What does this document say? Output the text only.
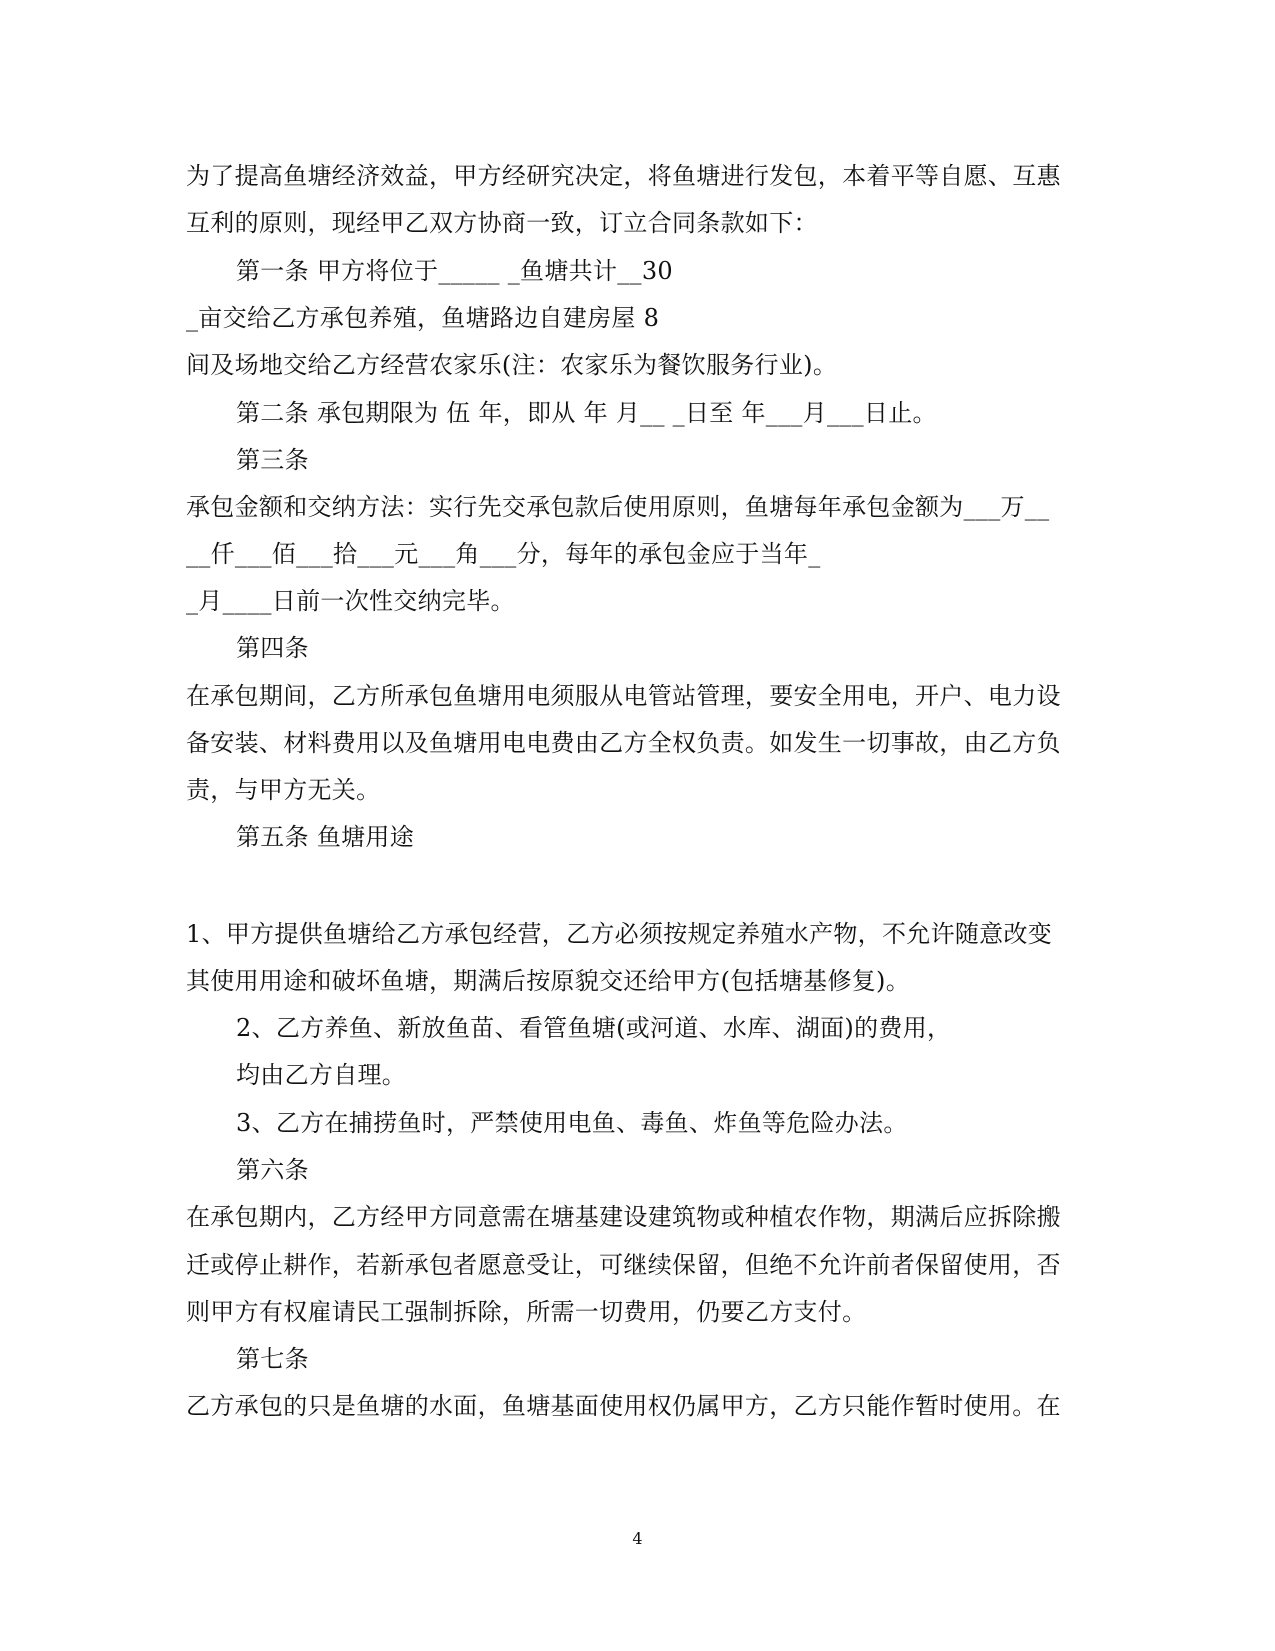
为了提高鱼塘经济效益，甲方经研究决定，将鱼塘进行发包，本着平等自愿、互惠
互利的原则，现经甲乙双方协商一致，订立合同条款如下：
第一条 甲方将位于_____ _鱼塘共计__30
_亩交给乙方承包养殖，鱼塘路边自建房屋 8
间及场地交给乙方经营农家乐(注：农家乐为餐饮服务行业)。
第二条 承包期限为 伍 年，即从 年 月__ _日至 年___月___日止。
第三条
承包金额和交纳方法：实行先交承包款后使用原则，鱼塘每年承包金额为___万__
__仟___佰___拾___元___角___分，每年的承包金应于当年_
_月____日前一次性交纳完毕。
第四条
在承包期间，乙方所承包鱼塘用电须服从电管站管理，要安全用电，开户、电力设
备安装、材料费用以及鱼塘用电电费由乙方全权负责。如发生一切事故，由乙方负
责，与甲方无关。
第五条 鱼塘用途
1、甲方提供鱼塘给乙方承包经营，乙方必须按规定养殖水产物，不允许随意改变
其使用用途和破坏鱼塘，期满后按原貌交还给甲方(包括塘基修复)。
2、乙方养鱼、新放鱼苗、看管鱼塘(或河道、水库、湖面)的费用，
均由乙方自理。
3、乙方在捕捞鱼时，严禁使用电鱼、毒鱼、炸鱼等危险办法。
第六条
在承包期内，乙方经甲方同意需在塘基建设建筑物或种植农作物，期满后应拆除搬
迁或停止耕作，若新承包者愿意受让，可继续保留，但绝不允许前者保留使用，否
则甲方有权雇请民工强制拆除，所需一切费用，仍要乙方支付。
第七条
乙方承包的只是鱼塘的水面，鱼塘基面使用权仍属甲方，乙方只能作暂时使用。在
4
